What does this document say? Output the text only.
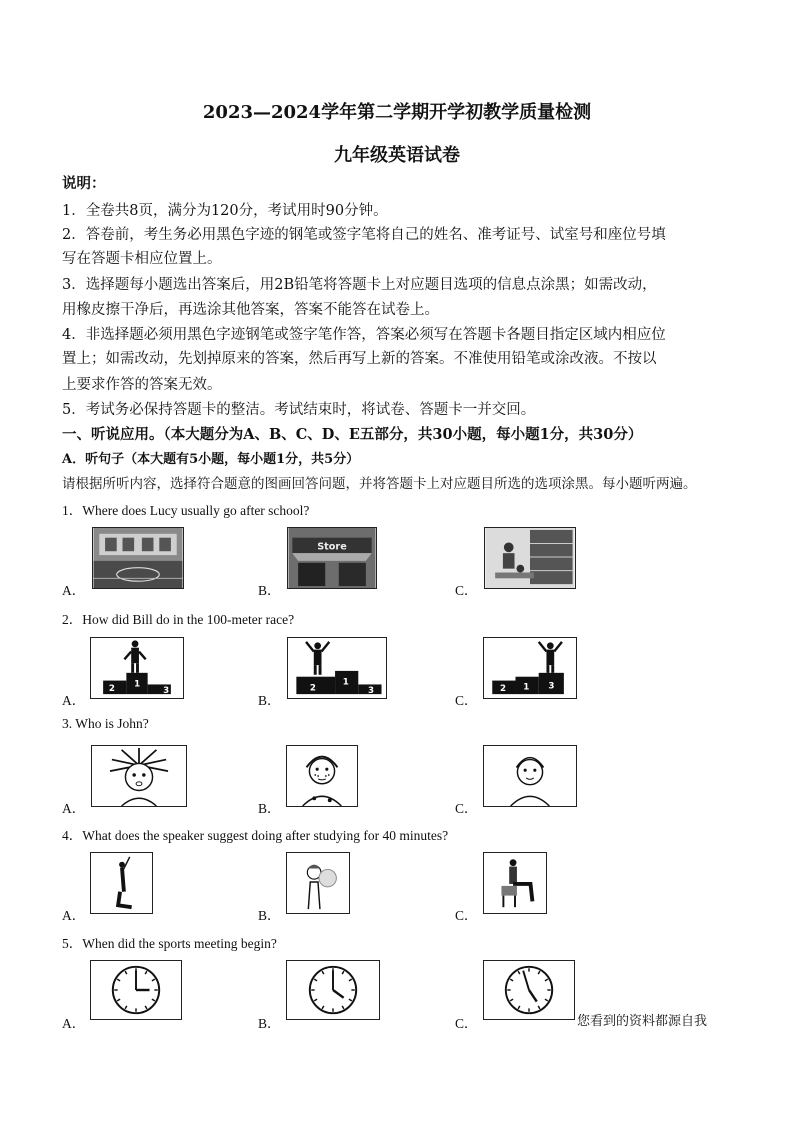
2023—2024学年第二学期开学初教学质量检测
九年级英语试卷
说明：
1．全卷共8页，满分为120分，考试用时90分钟。
2．答卷前，考生务必用黑色字迹的钢笔或签字笔将自己的姓名、准考证号、试室号和座位号填
写在答题卡相应位置上。
3．选择题每小题选出答案后，用2B铅笔将答题卡上对应题目选项的信息点涂黑；如需改动，
用橡皮擦干净后，再选涂其他答案，答案不能答在试卷上。
4．非选择题必须用黑色字迹钢笔或签字笔作答，答案必须写在答题卡各题目指定区域内相应位
置上；如需改动，先划掉原来的答案，然后再写上新的答案。不准使用铅笔或涂改液。不按以
上要求作答的答案无效。
5．考试务必保持答题卡的整洁。考试结束时，将试卷、答题卡一并交回。
一、听说应用。（本大题分为A、B、C、D、E五部分，共30小题，每小题1分，共30分）
A．听句子（本大题有5小题，每小题1分，共5分）
请根据所听内容，选择符合题意的图画回答问题，并将答题卡上对应题目所选的选项涂黑。每小题听两遍。
1．Where does Lucy usually go after school?
A．	B．
Store
C．
2．How did Bill do in the 100-meter race?
A．
2 1
3
B．
2
1
3
C．
2 1 3
3. Who is John?
A．	B．	C．
4．What does the speaker suggest doing after studying for 40 minutes?
A．	B．	C．
5．When did the sports meeting begin?
A．	B．	C．	您看到的资料都源自我
